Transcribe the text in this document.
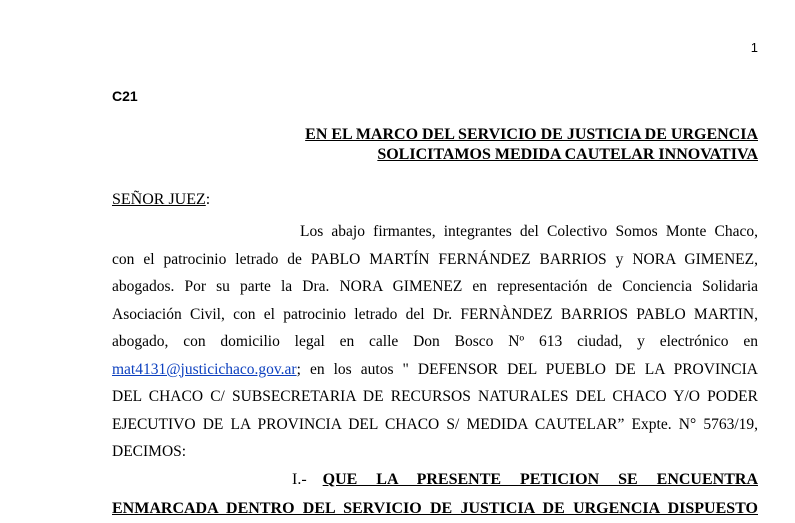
1
C21
EN EL MARCO DEL SERVICIO DE JUSTICIA DE URGENCIA
SOLICITAMOS MEDIDA CAUTELAR INNOVATIVA
SEÑOR JUEZ:
Los abajo firmantes, integrantes del Colectivo Somos Monte Chaco,
con el patrocinio letrado de PABLO MARTÍN FERNÁNDEZ BARRIOS y NORA GIMENEZ,
abogados. Por su parte la Dra. NORA GIMENEZ en representación de Conciencia Solidaria
Asociación Civil, con el patrocinio letrado del Dr. FERNÀNDEZ BARRIOS PABLO MARTIN,
abogado, con domicilio legal en calle Don Bosco Nº 613 ciudad, y electrónico en
mat4131@justicichaco.gov.ar; en los autos " DEFENSOR DEL PUEBLO DE LA PROVINCIA
DEL CHACO C/ SUBSECRETARIA DE RECURSOS NATURALES DEL CHACO Y/O PODER
EJECUTIVO DE LA PROVINCIA DEL CHACO S/ MEDIDA CAUTELAR” Expte. N° 5763/19,
DECIMOS:
I.- QUE LA PRESENTE PETICION SE ENCUENTRA
ENMARCADA DENTRO DEL SERVICIO DE JUSTICIA DE URGENCIA DISPUESTO
